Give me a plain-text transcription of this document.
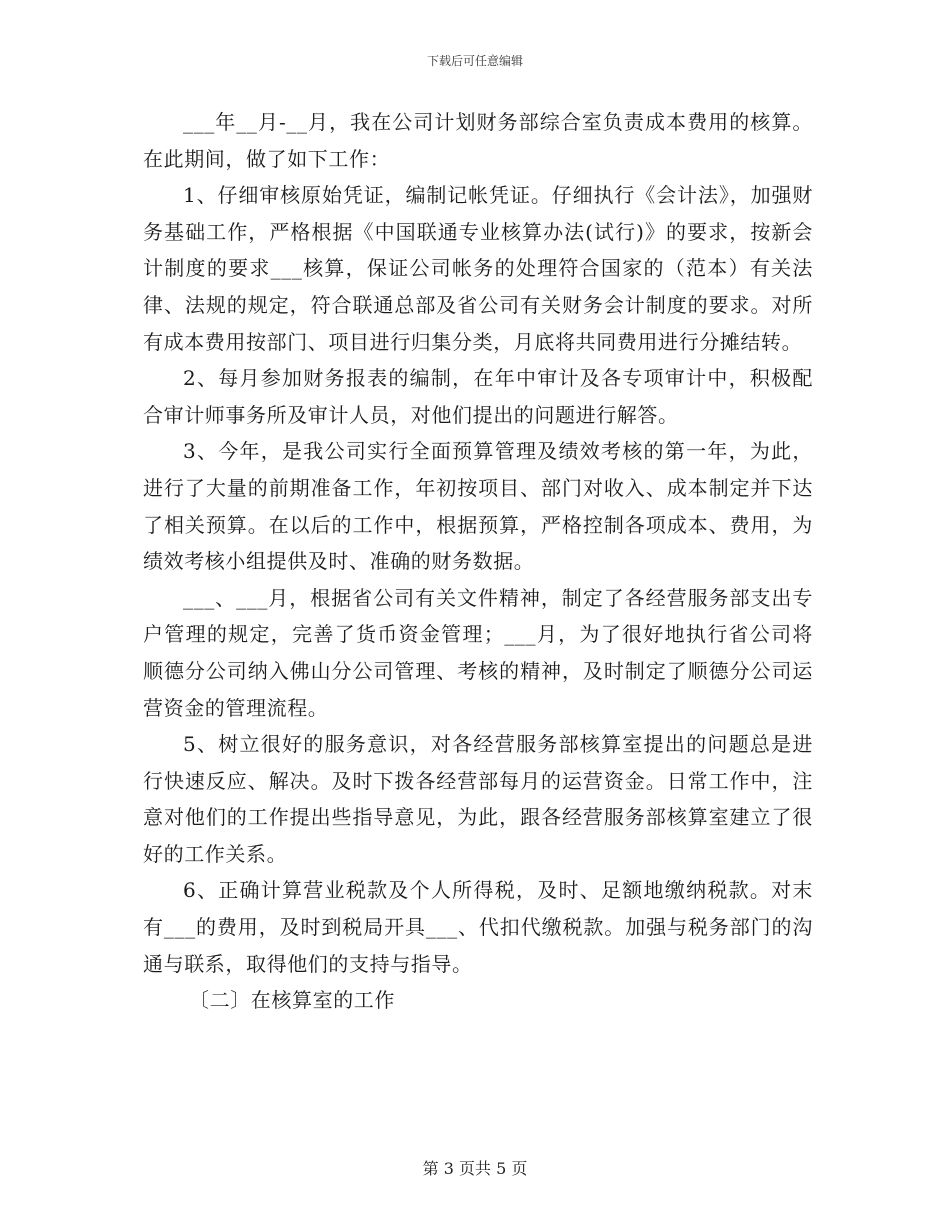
下载后可任意编辑

___年__月-__月，我在公司计划财务部综合室负责成本费用的核算。在此期间，做了如下工作：

1、仔细审核原始凭证，编制记帐凭证。仔细执行《会计法》，加强财务基础工作，严格根据《中国联通专业核算办法(试行)》的要求，按新会计制度的要求___核算，保证公司帐务的处理符合国家的（范本）有关法律、法规的规定，符合联通总部及省公司有关财务会计制度的要求。对所有成本费用按部门、项目进行归集分类，月底将共同费用进行分摊结转。

2、每月参加财务报表的编制，在年中审计及各专项审计中，积极配合审计师事务所及审计人员，对他们提出的问题进行解答。

3、今年，是我公司实行全面预算管理及绩效考核的第一年，为此，进行了大量的前期准备工作，年初按项目、部门对收入、成本制定并下达了相关预算。在以后的工作中，根据预算，严格控制各项成本、费用，为绩效考核小组提供及时、准确的财务数据。

___、___月，根据省公司有关文件精神，制定了各经营服务部支出专户管理的规定，完善了货币资金管理；___月，为了很好地执行省公司将顺德分公司纳入佛山分公司管理、考核的精神，及时制定了顺德分公司运营资金的管理流程。

5、树立很好的服务意识，对各经营服务部核算室提出的问题总是进行快速反应、解决。及时下拨各经营部每月的运营资金。日常工作中，注意对他们的工作提出些指导意见，为此，跟各经营服务部核算室建立了很好的工作关系。

6、正确计算营业税款及个人所得税，及时、足额地缴纳税款。对末有___的费用，及时到税局开具___、代扣代缴税款。加强与税务部门的沟通与联系，取得他们的支持与指导。

〔二〕在核算室的工作

第 3 页共 5 页
